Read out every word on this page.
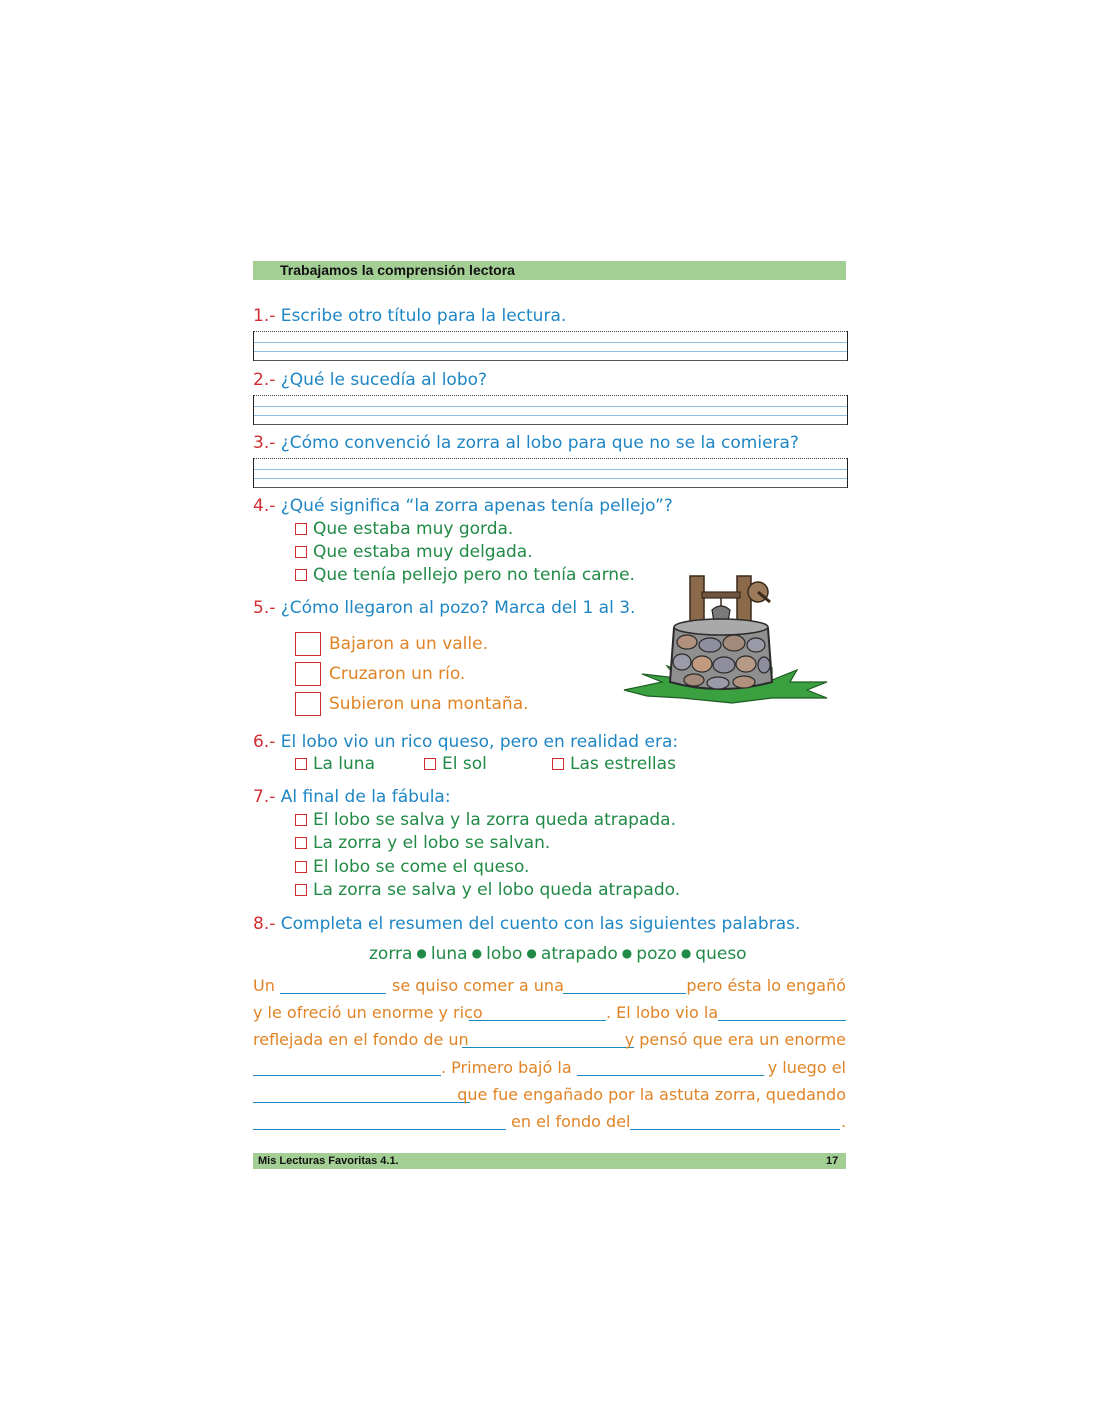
Trabajamos la comprensión lectora
1.- Escribe otro título para la lectura.
2.- ¿Qué le sucedía al lobo?
3.- ¿Cómo convenció la zorra al lobo para que no se la comiera?
4.- ¿Qué significa “la zorra apenas tenía pellejo”?
Que estaba muy gorda.
Que estaba muy delgada.
Que tenía pellejo pero no tenía carne.
5.- ¿Cómo llegaron al pozo? Marca del 1 al 3.
Bajaron a un valle.
Cruzaron un río.
Subieron una montaña.
6.- El lobo vio un rico queso, pero en realidad era:
La luna	El sol	Las estrellas
7.- Al final de la fábula:
El lobo se salva y la zorra queda atrapada.
La zorra y el lobo se salvan.
El lobo se come el queso.
La zorra se salva y el lobo queda atrapado.
8.- Completa el resumen del cuento con las siguientes palabras.
zorra ● luna ● lobo ● atrapado ● pozo ● queso
Un	se quiso comer a una	pero ésta lo engañó
y le ofreció un enorme y rico	. El lobo vio la
reflejada en el fondo de un	y pensó que era un enorme
. Primero bajó la	y luego el
que fue engañado por la astuta zorra, quedando
en el fondo del	.
Mis Lecturas Favoritas 4.1.	17
